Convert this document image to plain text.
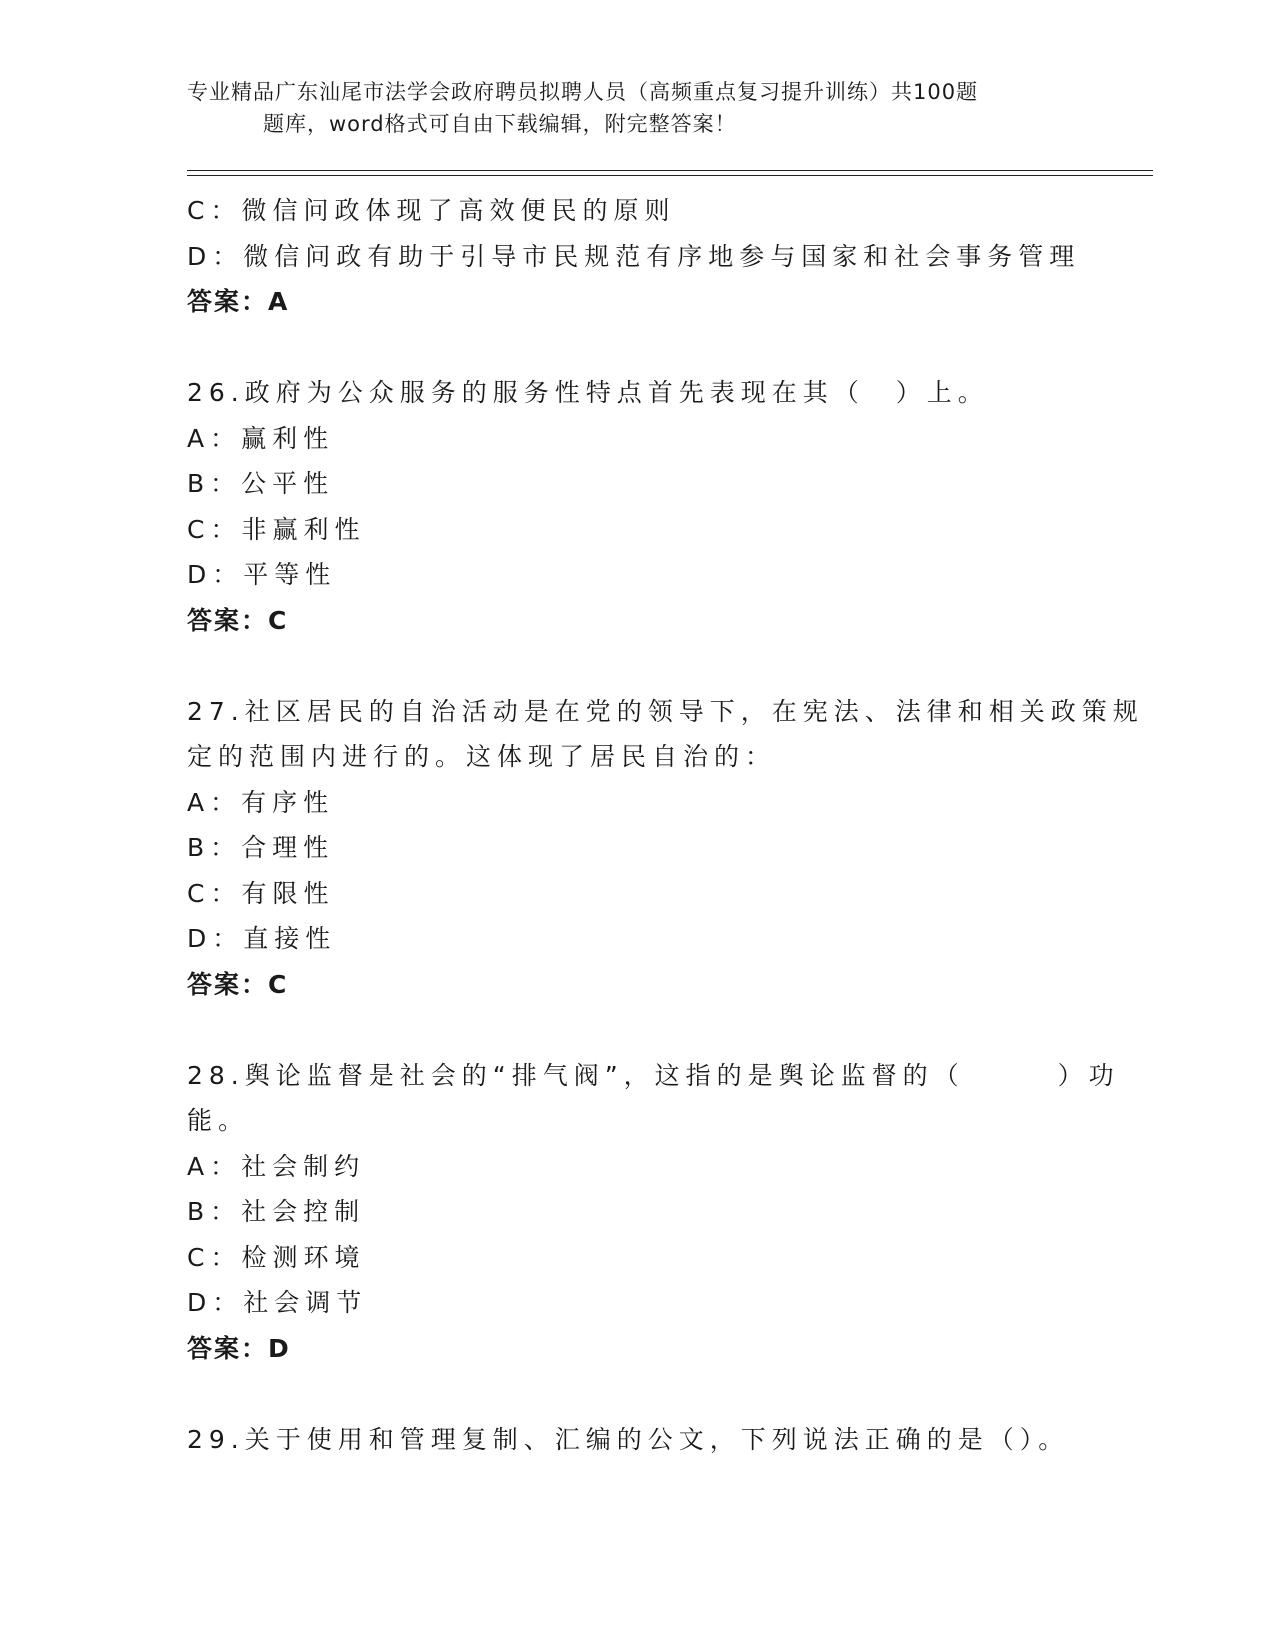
专业精品广东汕尾市法学会政府聘员拟聘人员（高频重点复习提升训练）共100题
题库，word格式可自由下载编辑，附完整答案！
C：微信问政体现了高效便民的原则
D：微信问政有助于引导市民规范有序地参与国家和社会事务管理
答案：A
26.政府为公众服务的服务性特点首先表现在其（　）上。
A：赢利性
B：公平性
C：非赢利性
D：平等性
答案：C
27.社区居民的自治活动是在党的领导下，在宪法、法律和相关政策规
定的范围内进行的。这体现了居民自治的：
A：有序性
B：合理性
C：有限性
D：直接性
答案：C
28.舆论监督是社会的“排气阀”，这指的是舆论监督的（　　　）功
能。
A：社会制约
B：社会控制
C：检测环境
D：社会调节
答案：D
29.关于使用和管理复制、汇编的公文，下列说法正确的是（）。
